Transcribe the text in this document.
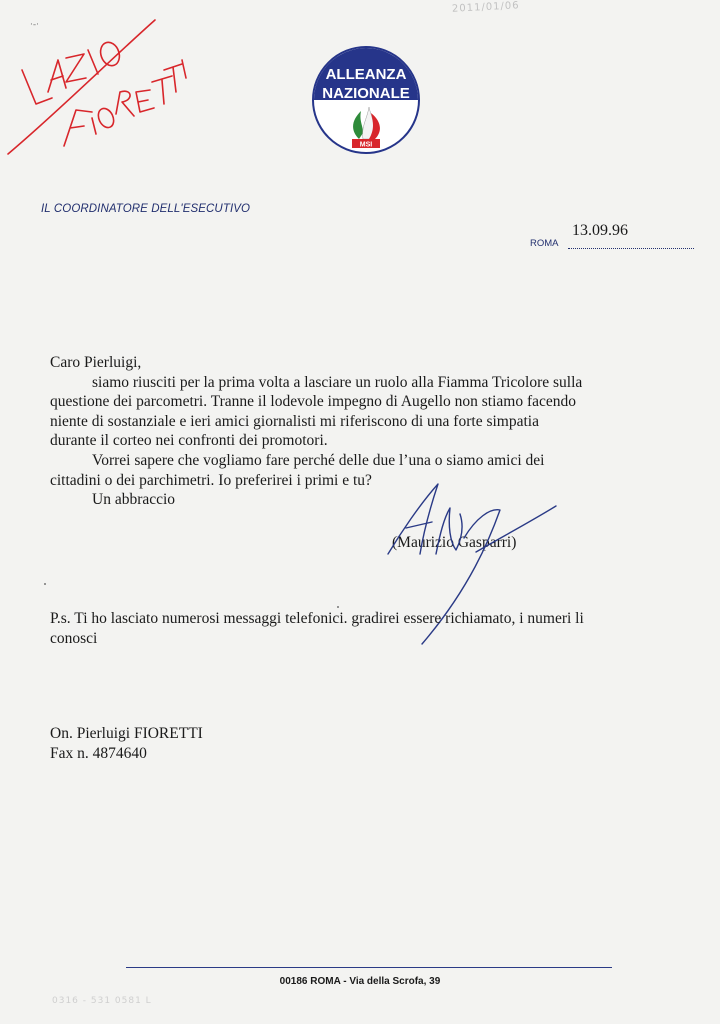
2011/01/06
·-·
ALLEANZA
NAZIONALE
MSI
IL COORDINATORE DELL'ESECUTIVO
13.09.96
ROMA

Caro Pierluigi,

siamo riusciti per la prima volta a lasciare un ruolo alla Fiamma Tricolore sulla

questione dei parcometri. Tranne il lodevole impegno di Augello non stiamo facendo

niente di sostanziale e ieri amici giornalisti mi riferiscono di una forte simpatia

durante il corteo nei confronti dei promotori.

Vorrei sapere che vogliamo fare perché delle due l’una o siamo amici dei

cittadini o dei parchimetri. Io preferirei i primi e tu?

Un abbraccio

(Maurizio Gasparri)

P.s. Ti ho lasciato numerosi messaggi telefonici. gradirei essere richiamato, i numeri li

conosci

On. Pierluigi FIORETTI

Fax n. 4874640

00186 ROMA - Via della Scrofa, 39
0316 - 531 0581 L
